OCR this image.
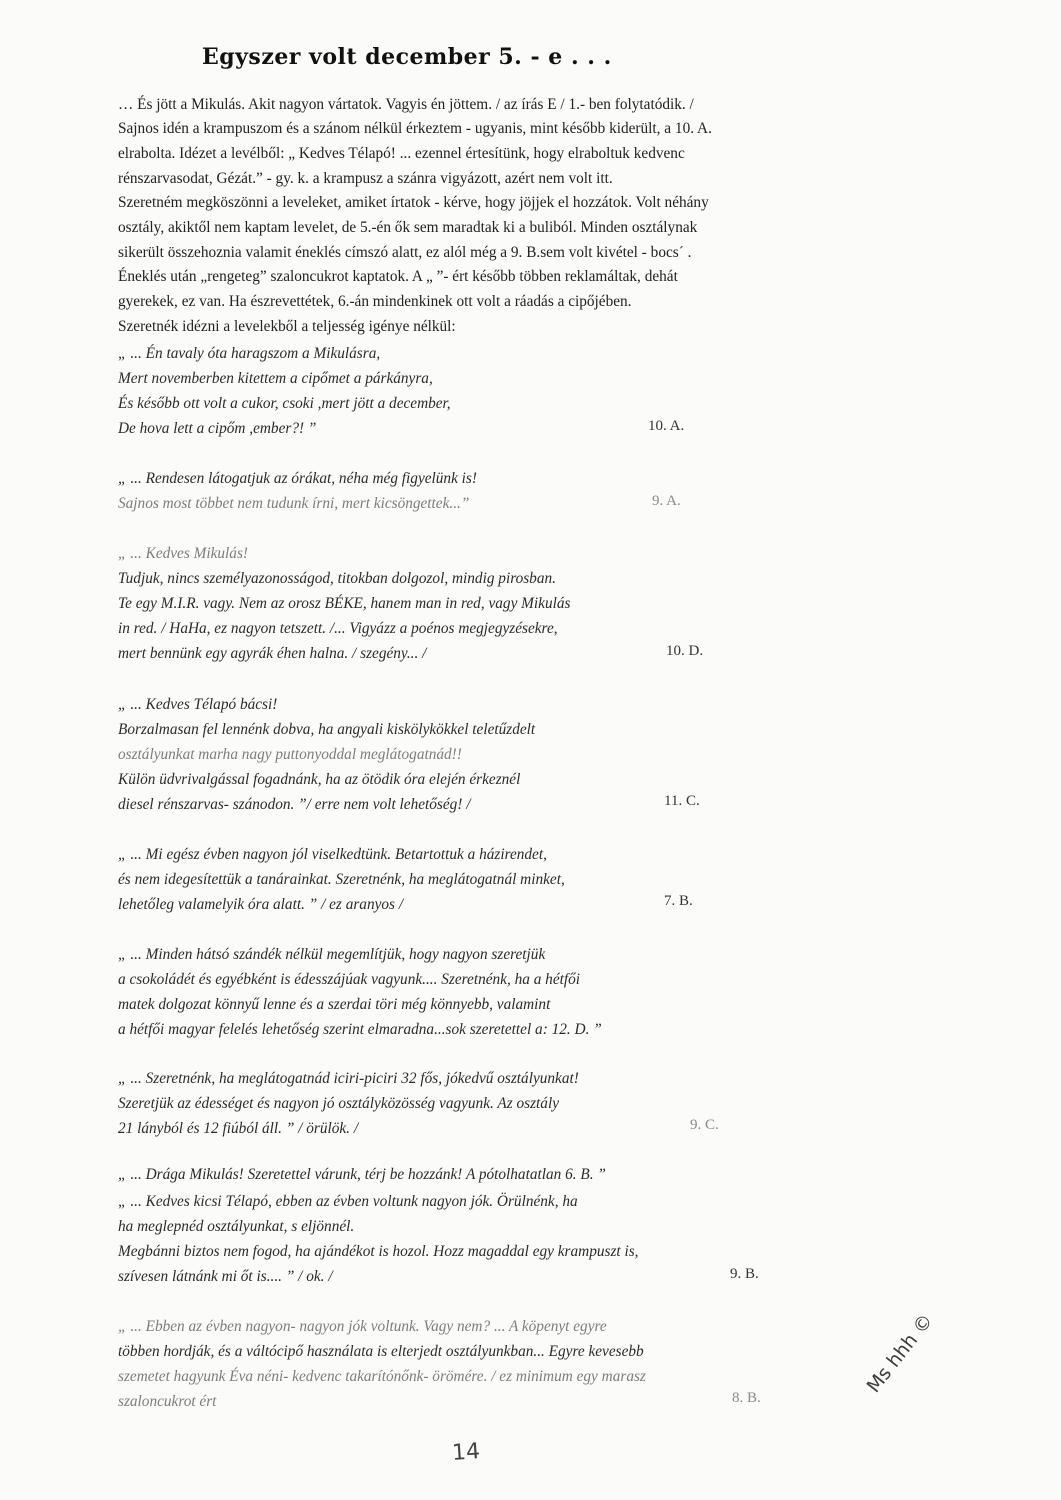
Egyszer volt december 5. - e . . .
… És jött a Mikulás. Akit nagyon vártatok. Vagyis én jöttem. / az írás E / 1.- ben folytatódik. /
Sajnos idén a krampuszom és a szánom nélkül érkeztem - ugyanis, mint később kiderült, a 10. A.
elrabolta. Idézet a levélből: „ Kedves Télapó! ... ezennel értesítünk, hogy elraboltuk kedvenc
rénszarvasodat, Gézát.” - gy. k. a krampusz a szánra vigyázott, azért nem volt itt.
Szeretném megköszönni a leveleket, amiket írtatok - kérve, hogy jöjjek el hozzátok. Volt néhány
osztály, akiktől nem kaptam levelet, de 5.-én ők sem maradtak ki a buliból. Minden osztálynak
sikerült összehoznia valamit éneklés címszó alatt, ez alól még a 9. B.sem volt kivétel - bocs´ .
Éneklés után „rengeteg” szaloncukrot kaptatok. A „ ”- ért később többen reklamáltak, dehát
gyerekek, ez van. Ha észrevettétek, 6.-án mindenkinek ott volt a ráadás a cipőjében.
Szeretnék idézni a levelekből a teljesség igénye nélkül:
„ ... Én tavaly óta haragszom a Mikulásra,
Mert novemberben kitettem a cipőmet a párkányra,
És később ott volt a cukor, csoki ,mert jött a december,
De hova lett a cipőm ,ember?! ”	10. A.
„ ... Rendesen látogatjuk az órákat, néha még figyelünk is!
Sajnos most többet nem tudunk írni, mert kicsöngettek...”	9. A.
„ ... Kedves Mikulás!
Tudjuk, nincs személyazonosságod, titokban dolgozol, mindig pirosban.
Te egy M.I.R. vagy. Nem az orosz BÉKE, hanem man in red, vagy Mikulás
in red. / HaHa, ez nagyon tetszett. /... Vigyázz a poénos megjegyzésekre,
mert bennünk egy agyrák éhen halna. / szegény... /	10. D.
„ ... Kedves Télapó bácsi!
Borzalmasan fel lennénk dobva, ha angyali kiskölykökkel teletűzdelt
osztályunkat marha nagy puttonyoddal meglátogatnád!!
Külön üdvrivalgással fogadnánk, ha az ötödik óra elején érkeznél
diesel rénszarvas- szánodon. ”/ erre nem volt lehetőség! /	11. C.
„ ... Mi egész évben nagyon jól viselkedtünk. Betartottuk a házirendet,
és nem idegesítettük a tanárainkat. Szeretnénk, ha meglátogatnál minket,
lehetőleg valamelyik óra alatt. ” / ez aranyos /	7. B.
„ ... Minden hátsó szándék nélkül megemlítjük, hogy nagyon szeretjük
a csokoládét és egyébként is édesszájúak vagyunk.... Szeretnénk, ha a hétfői
matek dolgozat könnyű lenne és a szerdai töri még könnyebb, valamint
a hétfői magyar felelés lehetőség szerint elmaradna...sok szeretettel a: 12. D. ”
„ ... Szeretnénk, ha meglátogatnád iciri-piciri 32 fős, jókedvű osztályunkat!
Szeretjük az édességet és nagyon jó osztályközösség vagyunk. Az osztály
21 lányból és 12 fiúból áll. ” / örülök. /	9. C.
„ ... Drága Mikulás! Szeretettel várunk, térj be hozzánk! A pótolhatatlan 6. B. ”
„ ... Kedves kicsi Télapó, ebben az évben voltunk nagyon jók. Örülnénk, ha
ha meglepnéd osztályunkat, s eljönnél.
Megbánni biztos nem fogod, ha ajándékot is hozol. Hozz magaddal egy krampuszt is,
szívesen látnánk mi őt is.... ” / ok. /	9. B.
„ ... Ebben az évben nagyon- nagyon jók voltunk. Vagy nem? ... A köpenyt egyre
többen hordják, és a váltócipő használata is elterjedt osztályunkban... Egyre kevesebb
szemetet hagyunk Éva néni- kedvenc takarítónőnk- örömére. / ez minimum egy marasz
szaloncukrot ért	8. B.
14
Ms hhh ©
